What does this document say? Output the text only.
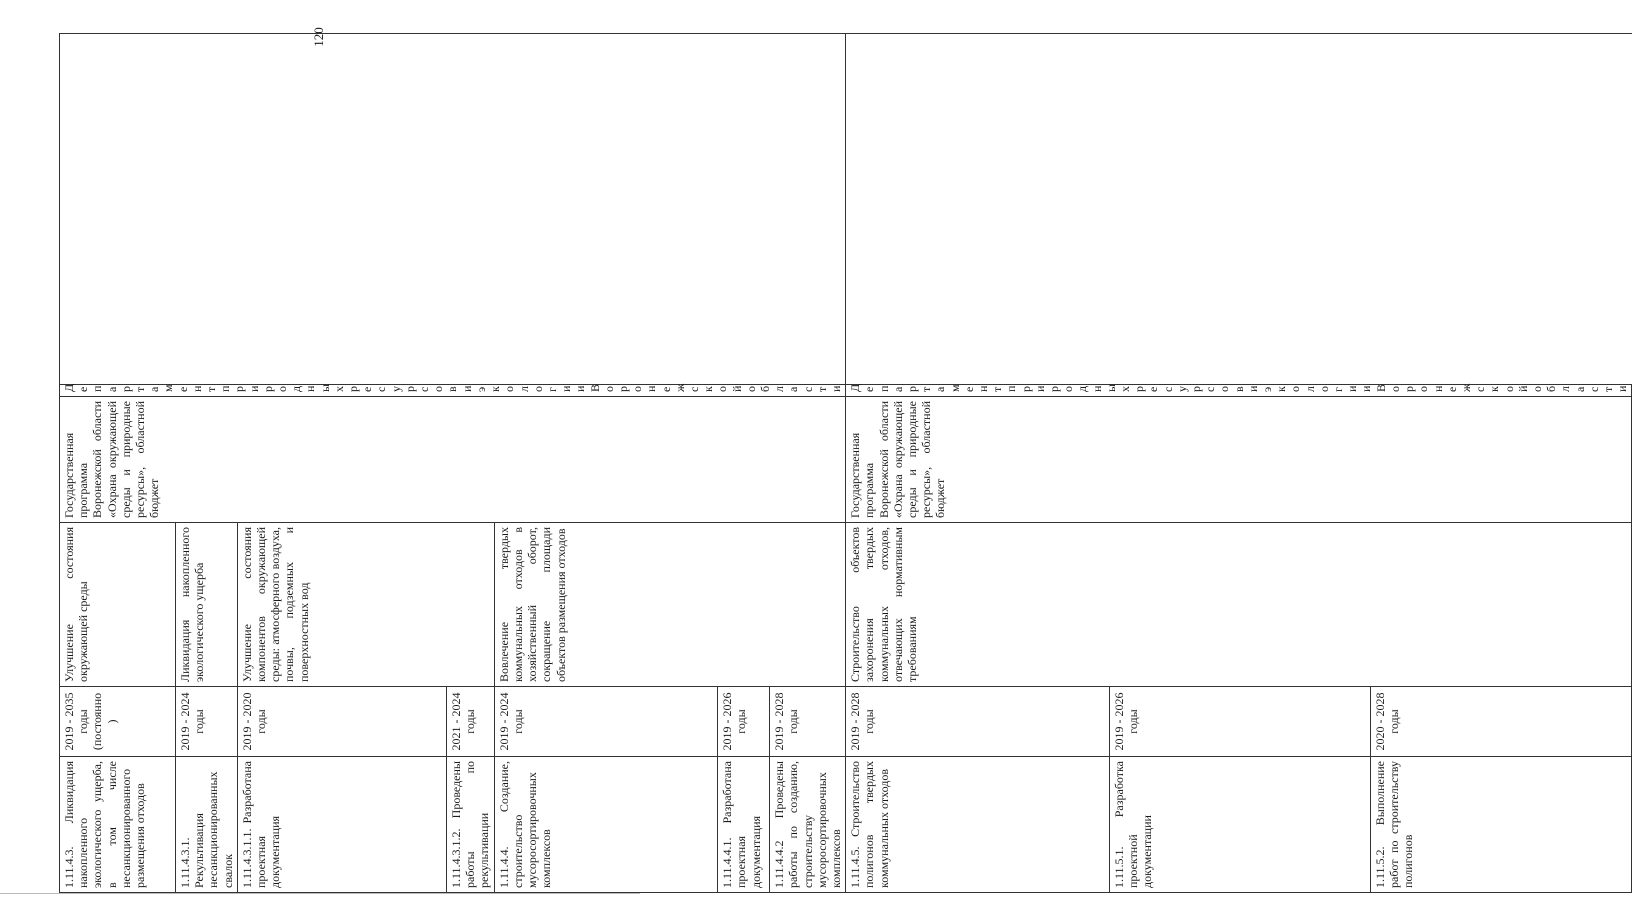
120
1.11.4.3. Ликвидация накопленного экологического ущерба, в том числе несанкционированного размещения отходов	2019 - 2035 годы (постоянно)	Улучшение состояния окружающей среды	Государственная программа Воронежской области «Охрана окружающей среды и природные ресурсы», областной бюджет	Департамент природных ресурсов и экологии Воронежской области	
1.11.4.3.1. Рекультивация несанкционированных свалок	2019 - 2024 годы	Ликвидация накопленного экологического ущерба			
1.11.4.3.1.1. Разработана проектная документация	2019 - 2020 годы	Улучшение состояния компонентов окружающей среды: атмосферного воздуха, почвы, подземных и поверхностных вод			
1.11.4.3.1.2. Проведены работы по рекультивации	2021 - 2024 годы				
1.11.4.4. Создание, строительство мусоросортировочных комплексов	2019 - 2024 годы	Вовлечение твердых коммунальных отходов в хозяйственный оборот, сокращение площади объектов размещения отходов			
1.11.4.4.1. Разработана проектная документация	2019 - 2026 годы				
1.11.4.4.2 Проведены работы по созданию, строительству мусоросортировочных комплексов	2019 - 2028 годы				
1.11.4.5. Строительство полигонов твердых коммунальных отходов	2019 - 2028 годы	Строительство объектов захоронения твердых коммунальных отходов, отвечающих нормативным требованиям	Государственная программа Воронежской области «Охрана окружающей среды и природные ресурсы», областной бюджет	Департамент природных ресурсов и экологии Воронежской области	
1.11.5.1. Разработка проектной документации	2019 - 2026 годы				
1.11.5.2. Выполнение работ по строительству полигонов	2020 - 2028 годы				
